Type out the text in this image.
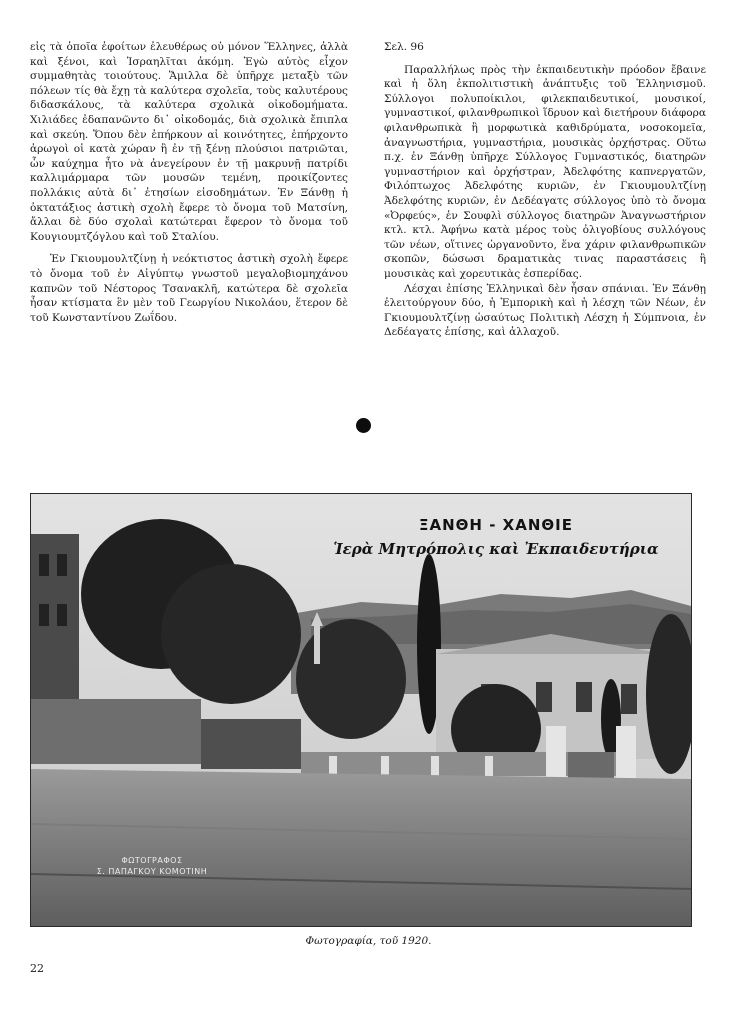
εἰς τὰ ὁποῖα ἐφοίτων ἐλευθέρως οὐ μόνον Ἕλληνες, ἀλλὰ καὶ ξένοι, καὶ Ἰσραηλῖται ἀκόμη. Ἐγὼ αὐτὸς εἶχον συμμαθητὰς τοιούτους. Ἅμιλλα δὲ ὑπῆρχε μεταξὺ τῶν πόλεων τίς θὰ ἔχῃ τὰ καλύτερα σχολεῖα, τοὺς καλυτέρους διδασκάλους, τὰ καλύτερα σχολικὰ οἰκοδομήματα. Χιλιάδες ἐδαπανῶντο δι᾽ οἰκοδομάς, διὰ σχολικὰ ἔπιπλα καὶ σκεύη. Ὅπου δὲν ἐπήρκουν αἱ κοινότητες, ἐπήρχοντο ἀρωγοὶ οἱ κατὰ χώραν ἢ ἐν τῇ ξένῃ πλούσιοι πατριῶται, ὧν καύχημα ἦτο νὰ ἀνεγείρουν ἐν τῇ μακρυνῇ πατρίδι καλλιμάρμαρα τῶν μουσῶν τεμένη, προικίζοντες πολλάκις αὐτὰ δι᾽ ἐτησίων εἰσοδημάτων. Ἐν Ξάνθῃ ἡ ὀκτατάξιος ἀστικὴ σχολὴ ἔφερε τὸ ὄνομα τοῦ Ματσίνη, ἄλλαι δὲ δύο σχολαὶ κατώτεραι ἔφερον τὸ ὄνομα τοῦ Κουγιουμτζόγλου καὶ τοῦ Σταλίου.

Ἐν Γκιουμουλτζίνῃ ἡ νεόκτιστος ἀστικὴ σχολὴ ἔφερε τὸ ὄνομα τοῦ ἐν Αἰγύπτῳ γνωστοῦ μεγαλοβιομηχάνου καπνῶν τοῦ Νέστορος Τσανακλῆ, κατώτερα δὲ σχολεῖα ἦσαν κτίσματα ἓν μὲν τοῦ Γεωργίου Νικολάου, ἕτερον δὲ τοῦ Κωνσταντίνου Ζωΐδου.

Σελ. 96

Παραλλήλως πρὸς τὴν ἐκπαιδευτικὴν πρόοδον ἔβαινε καὶ ἡ ὅλη ἐκπολιτιστικὴ ἀνάπτυξις τοῦ Ἑλληνισμοῦ. Σύλλογοι πολυποίκιλοι, φιλεκπαιδευτικοί, μουσικοί, γυμναστικοί, φιλανθρωπικοὶ ἵδρυον καὶ διετήρουν διάφορα φιλανθρωπικὰ ἢ μορφωτικὰ καθιδρύματα, νοσοκομεῖα, ἀναγνωστήρια, γυμναστήρια, μουσικὰς ὀρχήστρας. Οὕτω π.χ. ἐν Ξάνθῃ ὑπῆρχε Σύλλογος Γυμναστικός, διατηρῶν γυμναστήριον καὶ ὀρχήστραν, Ἀδελφότης καπνεργατῶν, Φιλόπτωχος Ἀδελφότης κυριῶν, ἐν Γκιουμουλτζίνῃ Ἀδελφότης κυριῶν, ἐν Δεδέαγατς σύλλογος ὑπὸ τὸ ὄνομα «Ὀρφεύς», ἐν Σουφλὶ σύλλογος διατηρῶν Ἀναγνωστήριον κτλ. κτλ. Ἀφήνω κατὰ μέρος τοὺς ὀλιγοβίους συλλόγους τῶν νέων, οἵτινες ὠργανοῦντο, ἕνα χάριν φιλανθρωπικῶν σκοπῶν, δώσωσι δραματικὰς τινας παραστάσεις ἢ μουσικὰς καὶ χορευτικὰς ἑσπερίδας.

Λέσχαι ἐπίσης Ἑλληνικαὶ δὲν ἦσαν σπάνιαι. Ἐν Ξάνθῃ ἐλειτούργουν δύο, ἡ Ἐμπορικὴ καὶ ἡ λέσχη τῶν Νέων, ἐν Γκιουμουλτζίνῃ ὡσαύτως Πολιτικὴ Λέσχη ἡ Σύμπνοια, ἐν Δεδέαγατς ἐπίσης, καὶ ἀλλαχοῦ.

ΞΑΝΘΗ - ΧΑΝΘΙΕ
Ἱερὰ Μητρόπολις καὶ Ἐκπαιδευτήρια
ΦΩΤΟΓΡΑΦΟΣ
Σ. ΠΑΠΑΓΚΟΥ ΚΟΜΟΤΙΝΗ
Φωτογραφία, τοῦ 1920.
22
